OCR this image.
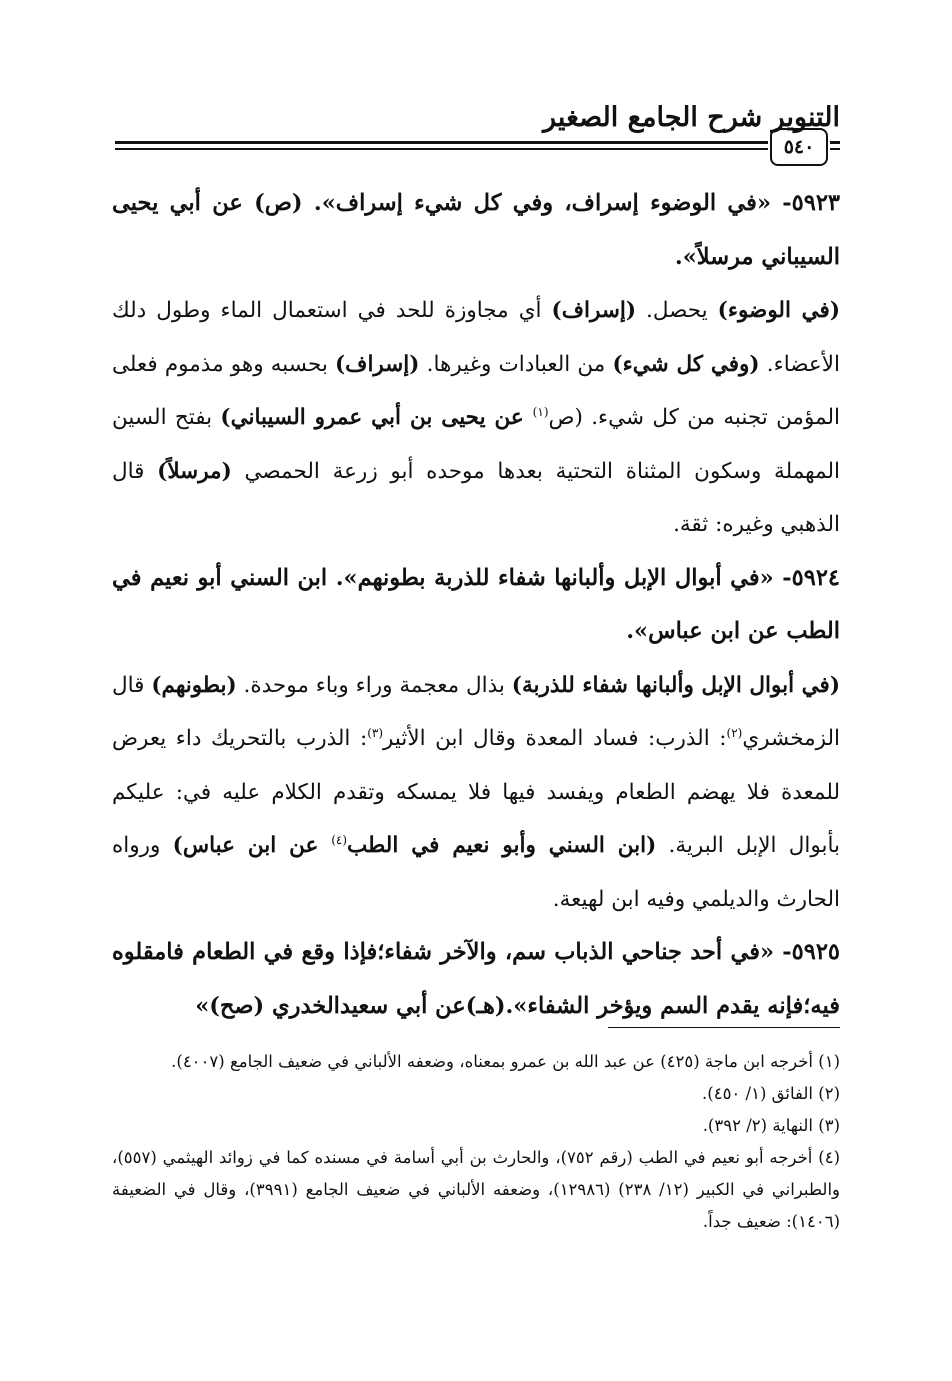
التنوير شرح الجامع الصغير
٥٤٠

٥٩٢٣- «في الوضوء إسراف، وفي كل شيء إسراف». (ص) عن أبي يحيى السيباني مرسلاً».

(في الوضوء) يحصل. (إسراف) أي مجاوزة للحد في استعمال الماء وطول دلك الأعضاء. (وفي كل شيء) من العبادات وغيرها. (إسراف) بحسبه وهو مذموم فعلى المؤمن تجنبه من كل شيء. (ص$^{(١)}$ عن يحيى بن أبي عمرو السيباني) بفتح السين المهملة وسكون المثناة التحتية بعدها موحده أبو زرعة الحمصي (مرسلاً) قال الذهبي وغيره: ثقة.

٥٩٢٤- «في أبوال الإبل وألبانها شفاء للذربة بطونهم». ابن السني أبو نعيم في الطب عن ابن عباس».

(في أبوال الإبل وألبانها شفاء للذربة) بذال معجمة وراء وباء موحدة. (بطونهم) قال الزمخشري$^{(٢)}$: الذرب: فساد المعدة وقال ابن الأثير$^{(٣)}$: الذرب بالتحريك داء يعرض للمعدة فلا يهضم الطعام ويفسد فيها فلا يمسكه وتقدم الكلام عليه في: عليكم بأبوال الإبل البرية. (ابن السني وأبو نعيم في الطب$^{(٤)}$ عن ابن عباس) ورواه الحارث والديلمي وفيه ابن لهيعة.

٥٩٢٥- «في أحد جناحي الذباب سم، والآخر شفاء؛فإذا وقع في الطعام فامقلوه فيه؛فإنه يقدم السم ويؤخر الشفاء».(هـ)عن أبي سعيدالخدري (صح)»

(١) أخرجه ابن ماجة (٤٢٥) عن عبد الله بن عمرو بمعناه، وضعفه الألباني في ضعيف الجامع (٤٠٠٧).

(٢) الفائق (١/ ٤٥٠).

(٣) النهاية (٢/ ٣٩٢).

(٤) أخرجه أبو نعيم في الطب (رقم ٧٥٢)، والحارث بن أبي أسامة في مسنده كما في زوائد الهيثمي (٥٥٧)، والطبراني في الكبير (١٢/ ٢٣٨) (١٢٩٨٦)، وضعفه الألباني في ضعيف الجامع (٣٩٩١)، وقال في الضعيفة (١٤٠٦): ضعيف جداً.
